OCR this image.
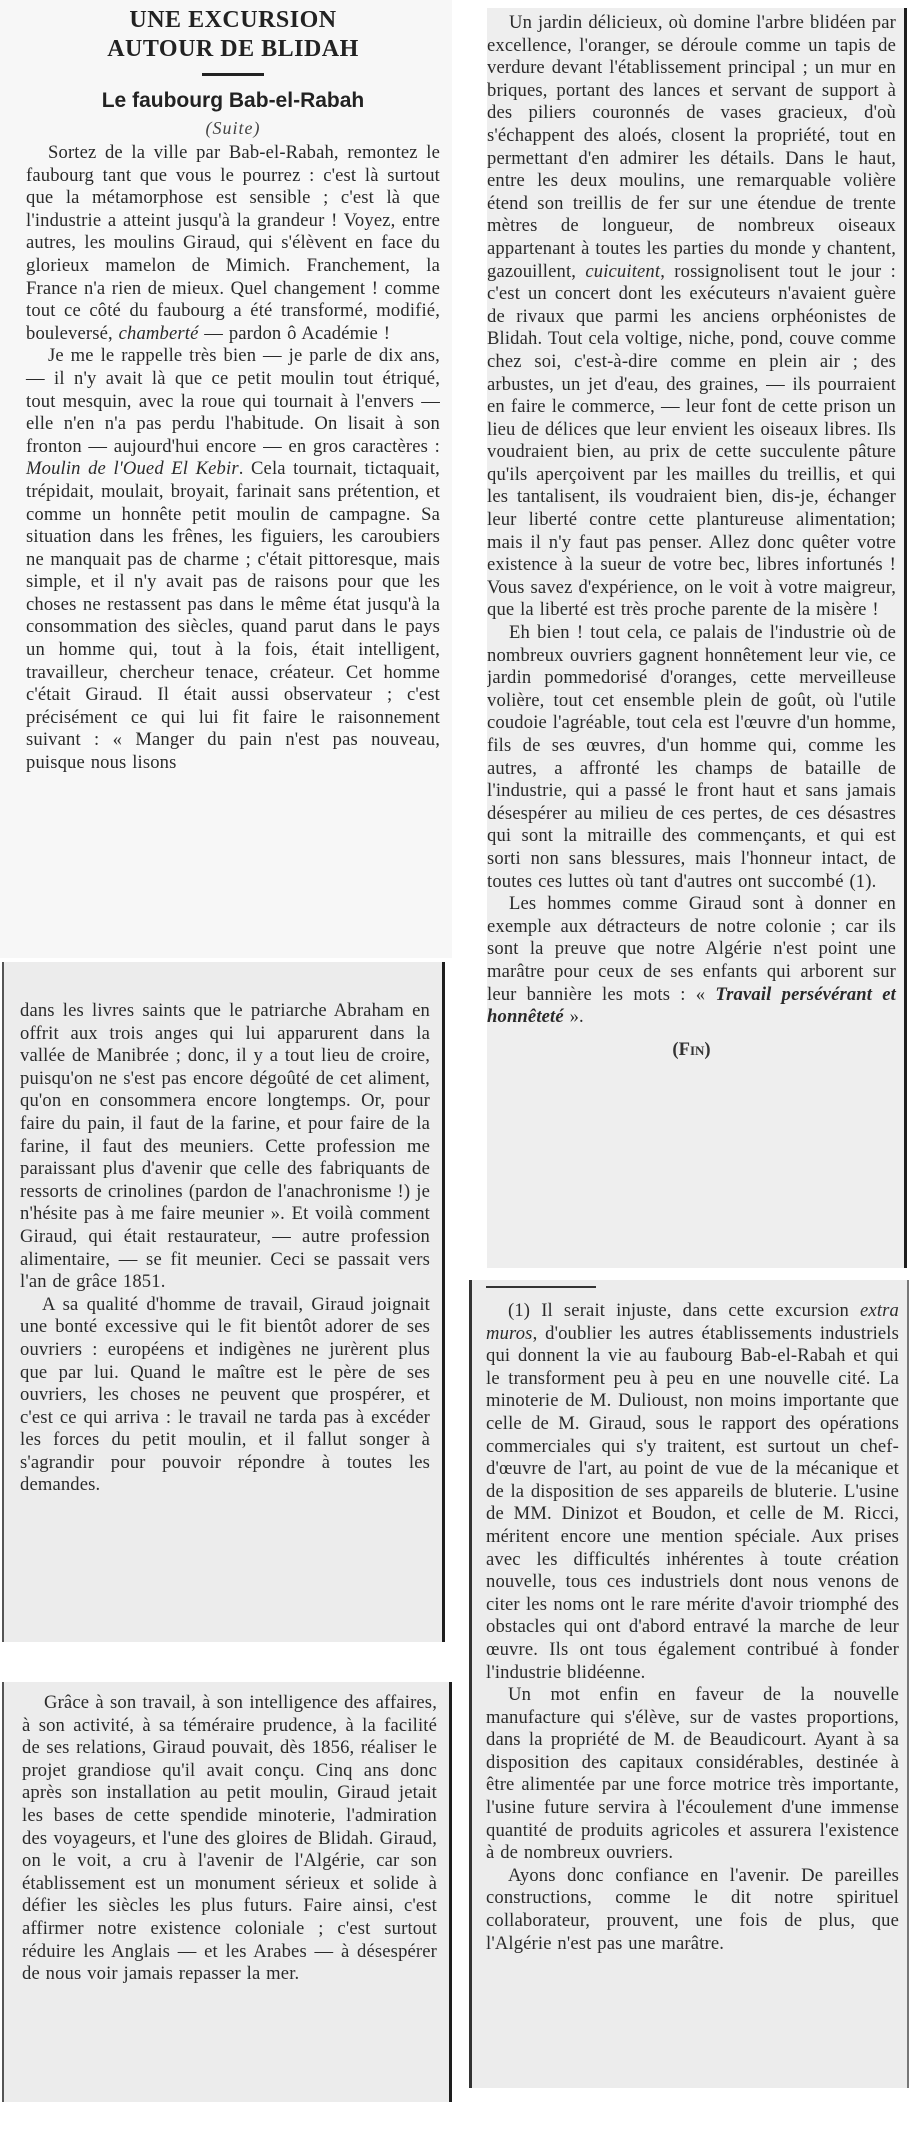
UNE EXCURSION
AUTOUR DE BLIDAH
Le faubourg Bab-el-Rabah
(Suite)

Sortez de la ville par Bab-el-Rabah, remontez le faubourg tant que vous le pourrez : c'est là surtout que la métamorphose est sensible ; c'est là que l'industrie a atteint jusqu'à la grandeur ! Voyez, entre autres, les moulins Giraud, qui s'élèvent en face du glorieux mamelon de Mimich. Franchement, la France n'a rien de mieux. Quel changement ! comme tout ce côté du faubourg a été transformé, modifié, bouleversé, chamberté — pardon ô Académie !

Je me le rappelle très bien — je parle de dix ans, — il n'y avait là que ce petit moulin tout étriqué, tout mesquin, avec la roue qui tournait à l'envers — elle n'en n'a pas perdu l'habitude. On lisait à son fronton — aujourd'hui encore — en gros caractères : Moulin de l'Oued El Kebir. Cela tournait, tictaquait, trépidait, moulait, broyait, farinait sans prétention, et comme un honnête petit moulin de campagne. Sa situation dans les frênes, les figuiers, les caroubiers ne manquait pas de charme ; c'était pittoresque, mais simple, et il n'y avait pas de raisons pour que les choses ne restassent pas dans le même état jusqu'à la consommation des siècles, quand parut dans le pays un homme qui, tout à la fois, était intelligent, travailleur, chercheur tenace, créateur. Cet homme c'était Giraud. Il était aussi observateur ; c'est précisément ce qui lui fit faire le raisonnement suivant : « Manger du pain n'est pas nouveau, puisque nous lisons

dans les livres saints que le patriarche Abraham en offrit aux trois anges qui lui apparurent dans la vallée de Manibrée ; donc, il y a tout lieu de croire, puisqu'on ne s'est pas encore dégoûté de cet aliment, qu'on en consommera encore longtemps. Or, pour faire du pain, il faut de la farine, et pour faire de la farine, il faut des meuniers. Cette profession me paraissant plus d'avenir que celle des fabriquants de ressorts de crinolines (pardon de l'anachronisme !) je n'hésite pas à me faire meunier ». Et voilà comment Giraud, qui était restaurateur, — autre profession alimentaire, — se fit meunier. Ceci se passait vers l'an de grâce 1851.

A sa qualité d'homme de travail, Giraud joignait une bonté excessive qui le fit bientôt adorer de ses ouvriers : européens et indigènes ne jurèrent plus que par lui. Quand le maître est le père de ses ouvriers, les choses ne peuvent que prospérer, et c'est ce qui arriva : le travail ne tarda pas à excéder les forces du petit moulin, et il fallut songer à s'agrandir pour pouvoir répondre à toutes les demandes.

Grâce à son travail, à son intelligence des affaires, à son activité, à sa téméraire prudence, à la facilité de ses relations, Giraud pouvait, dès 1856, réaliser le projet grandiose qu'il avait conçu. Cinq ans donc après son installation au petit moulin, Giraud jetait les bases de cette spendide minoterie, l'admiration des voyageurs, et l'une des gloires de Blidah. Giraud, on le voit, a cru à l'avenir de l'Algérie, car son établissement est un monument sérieux et solide à défier les siècles les plus futurs. Faire ainsi, c'est affirmer notre existence coloniale ; c'est surtout réduire les Anglais — et les Arabes — à désespérer de nous voir jamais repasser la mer.

Un jardin délicieux, où domine l'arbre blidéen par excellence, l'oranger, se déroule comme un tapis de verdure devant l'établissement principal ; un mur en briques, portant des lances et servant de support à des piliers couronnés de vases gracieux, d'où s'échappent des aloés, closent la propriété, tout en permettant d'en admirer les détails. Dans le haut, entre les deux moulins, une remarquable volière étend son treillis de fer sur une étendue de trente mètres de longueur, de nombreux oiseaux appartenant à toutes les parties du monde y chantent, gazouillent, cuicuitent, rossignolisent tout le jour : c'est un concert dont les exécuteurs n'avaient guère de rivaux que parmi les anciens orphéonistes de Blidah. Tout cela voltige, niche, pond, couve comme chez soi, c'est-à-dire comme en plein air ; des arbustes, un jet d'eau, des graines, — ils pourraient en faire le commerce, — leur font de cette prison un lieu de délices que leur envient les oiseaux libres. Ils voudraient bien, au prix de cette succulente pâture qu'ils aperçoivent par les mailles du treillis, et qui les tantalisent, ils voudraient bien, dis-je, échanger leur liberté contre cette plantureuse alimentation; mais il n'y faut pas penser. Allez donc quêter votre existence à la sueur de votre bec, libres infortunés ! Vous savez d'expérience, on le voit à votre maigreur, que la liberté est très proche parente de la misère !

Eh bien ! tout cela, ce palais de l'industrie où de nombreux ouvriers gagnent honnêtement leur vie, ce jardin pommedorisé d'oranges, cette merveilleuse volière, tout cet ensemble plein de goût, où l'utile coudoie l'agréable, tout cela est l'œuvre d'un homme, fils de ses œuvres, d'un homme qui, comme les autres, a affronté les champs de bataille de l'industrie, qui a passé le front haut et sans jamais désespérer au milieu de ces pertes, de ces désastres qui sont la mitraille des commençants, et qui est sorti non sans blessures, mais l'honneur intact, de toutes ces luttes où tant d'autres ont succombé (1).

Les hommes comme Giraud sont à donner en exemple aux détracteurs de notre colonie ; car ils sont la preuve que notre Algérie n'est point une marâtre pour ceux de ses enfants qui arborent sur leur bannière les mots : « Travail persévérant et honnêteté ».

(Fin)

(1) Il serait injuste, dans cette excursion extra muros, d'oublier les autres établissements industriels qui donnent la vie au faubourg Bab-el-Rabah et qui le transforment peu à peu en une nouvelle cité. La minoterie de M. Dulioust, non moins importante que celle de M. Giraud, sous le rapport des opérations commerciales qui s'y traitent, est surtout un chef-d'œuvre de l'art, au point de vue de la mécanique et de la disposition de ses appareils de bluterie. L'usine de MM. Dinizot et Boudon, et celle de M. Ricci, méritent encore une mention spéciale. Aux prises avec les difficultés inhérentes à toute création nouvelle, tous ces industriels dont nous venons de citer les noms ont le rare mérite d'avoir triomphé des obstacles qui ont d'abord entravé la marche de leur œuvre. Ils ont tous également contribué à fonder l'industrie blidéenne.

Un mot enfin en faveur de la nouvelle manufacture qui s'élève, sur de vastes proportions, dans la propriété de M. de Beaudicourt. Ayant à sa disposition des capitaux considérables, destinée à être alimentée par une force motrice très importante, l'usine future servira à l'écoulement d'une immense quantité de produits agricoles et assurera l'existence à de nombreux ouvriers.

Ayons donc confiance en l'avenir. De pareilles constructions, comme le dit notre spirituel collaborateur, prouvent, une fois de plus, que l'Algérie n'est pas une marâtre.
